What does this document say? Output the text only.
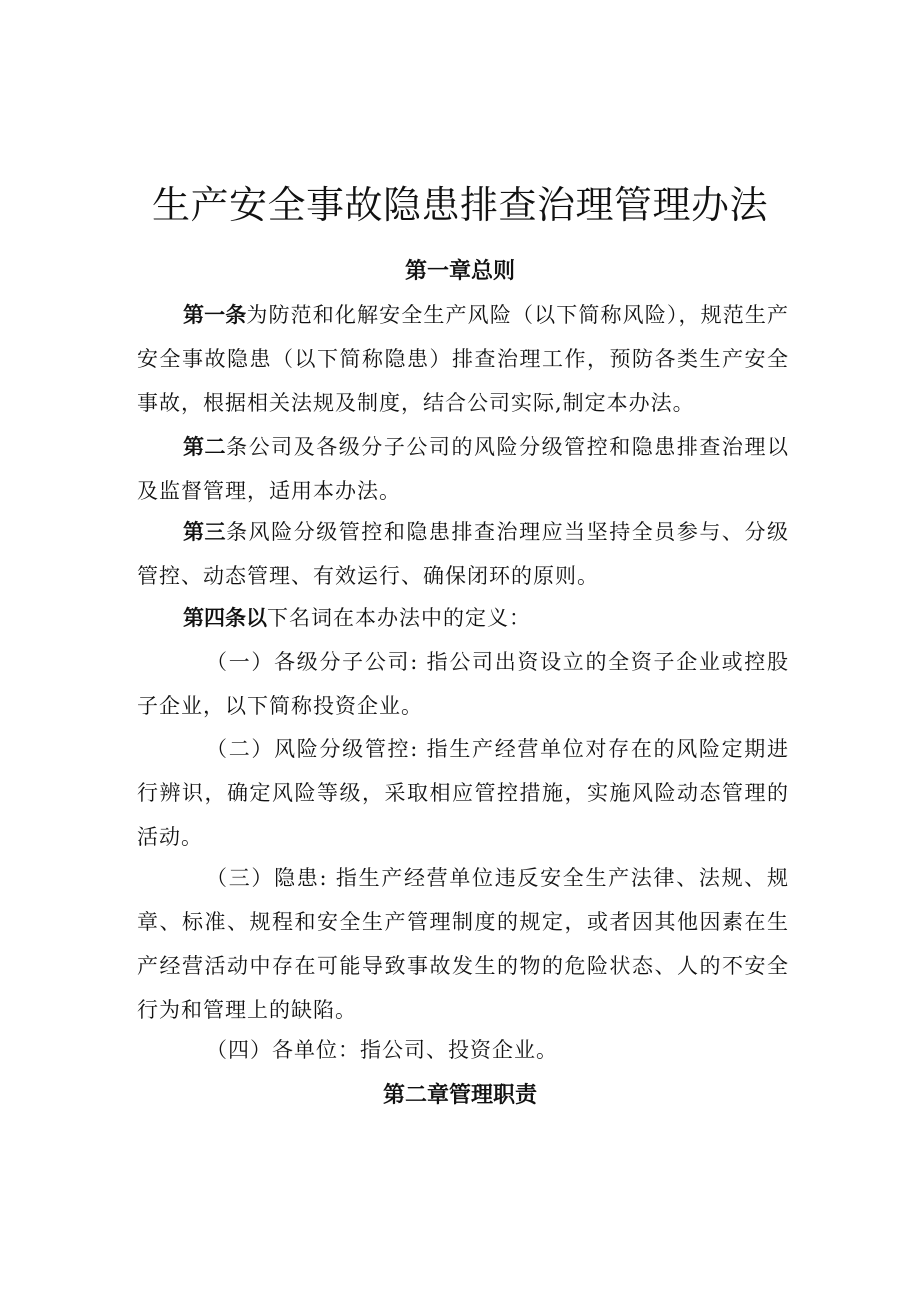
生产安全事故隐患排查治理管理办法
第一章总则

第一条为防范和化解安全生产风险（以下简称风险），规范生产安全事故隐患（以下简称隐患）排查治理工作，预防各类生产安全事故，根据相关法规及制度，结合公司实际,制定本办法。

第二条公司及各级分子公司的风险分级管控和隐患排查治理以及监督管理，适用本办法。

第三条风险分级管控和隐患排查治理应当坚持全员参与、分级管控、动态管理、有效运行、确保闭环的原则。

第四条以下名词在本办法中的定义：

（一）各级分子公司: 指公司出资设立的全资子企业或控股子企业，以下简称投资企业。

（二）风险分级管控: 指生产经营单位对存在的风险定期进行辨识，确定风险等级，采取相应管控措施，实施风险动态管理的活动。

（三）隐患: 指生产经营单位违反安全生产法律、法规、规章、标准、规程和安全生产管理制度的规定，或者因其他因素在生产经营活动中存在可能导致事故发生的物的危险状态、人的不安全行为和管理上的缺陷。

（四）各单位：指公司、投资企业。

第二章管理职责
